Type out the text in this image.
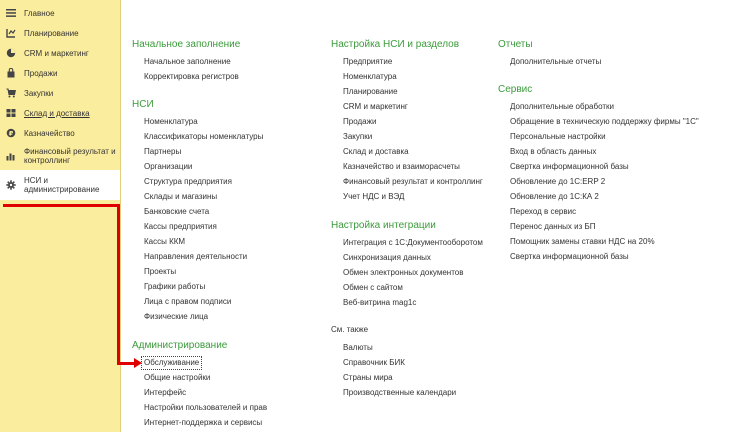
Главное
Планирование
CRM и маркетинг
Продажи
Закупки
Склад и доставка
₽ Казначейство
Финансовый результат и контроллинг
НСИ и администрирование
Начальное заполнение
Начальное заполнение
Корректировка регистров
НСИ
Номенклатура
Классификаторы номенклатуры
Партнеры
Организации
Структура предприятия
Склады и магазины
Банковские счета
Кассы предприятия
Кассы ККМ
Направления деятельности
Проекты
Графики работы
Лица с правом подписи
Физические лица
Администрирование
Обслуживание
Общие настройки
Интерфейс
Настройки пользователей и прав
Интернет-поддержка и сервисы
Настройка НСИ и разделов
Предприятие
Номенклатура
Планирование
CRM и маркетинг
Продажи
Закупки
Склад и доставка
Казначейство и взаиморасчеты
Финансовый результат и контроллинг
Учет НДС и ВЭД
Настройка интеграции
Интеграция с 1С:Документооборотом
Синхронизация данных
Обмен электронных документов
Обмен с сайтом
Веб-витрина mag1c
См. также
Валюты
Справочник БИК
Страны мира
Производственные календари
Отчеты
Дополнительные отчеты
Сервис
Дополнительные обработки
Обращение в техническую поддержку фирмы "1С"
Персональные настройки
Вход в область данных
Свертка информационной базы
Обновление до 1С:ERP 2
Обновление до 1С:КА 2
Переход в сервис
Перенос данных из БП
Помощник замены ставки НДС на 20%
Свертка информационной базы
